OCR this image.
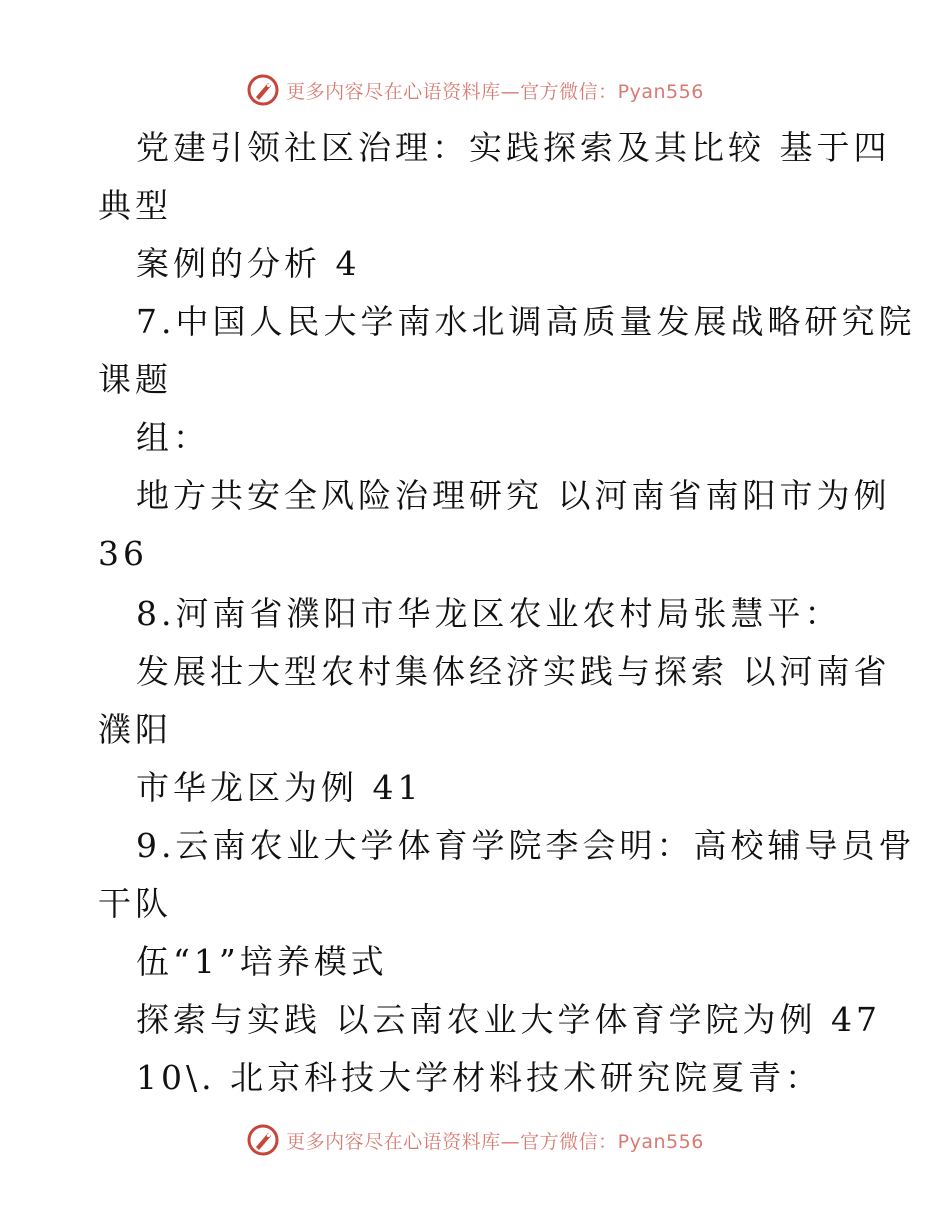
更多内容尽在心语资料库—官方微信：Pyan556
党建引领社区治理：实践探索及其比较 基于四
典型
案例的分析 4
7.中国人民大学南水北调高质量发展战略研究院
课题
组：
地方共安全风险治理研究 以河南省南阳市为例
36
8.河南省濮阳市华龙区农业农村局张慧平：
发展壮大型农村集体经济实践与探索 以河南省
濮阳
市华龙区为例 41
9.云南农业大学体育学院李会明：高校辅导员骨
干队
伍“1”培养模式
探索与实践 以云南农业大学体育学院为例 47
10\. 北京科技大学材料技术研究院夏青：
更多内容尽在心语资料库—官方微信：Pyan556
